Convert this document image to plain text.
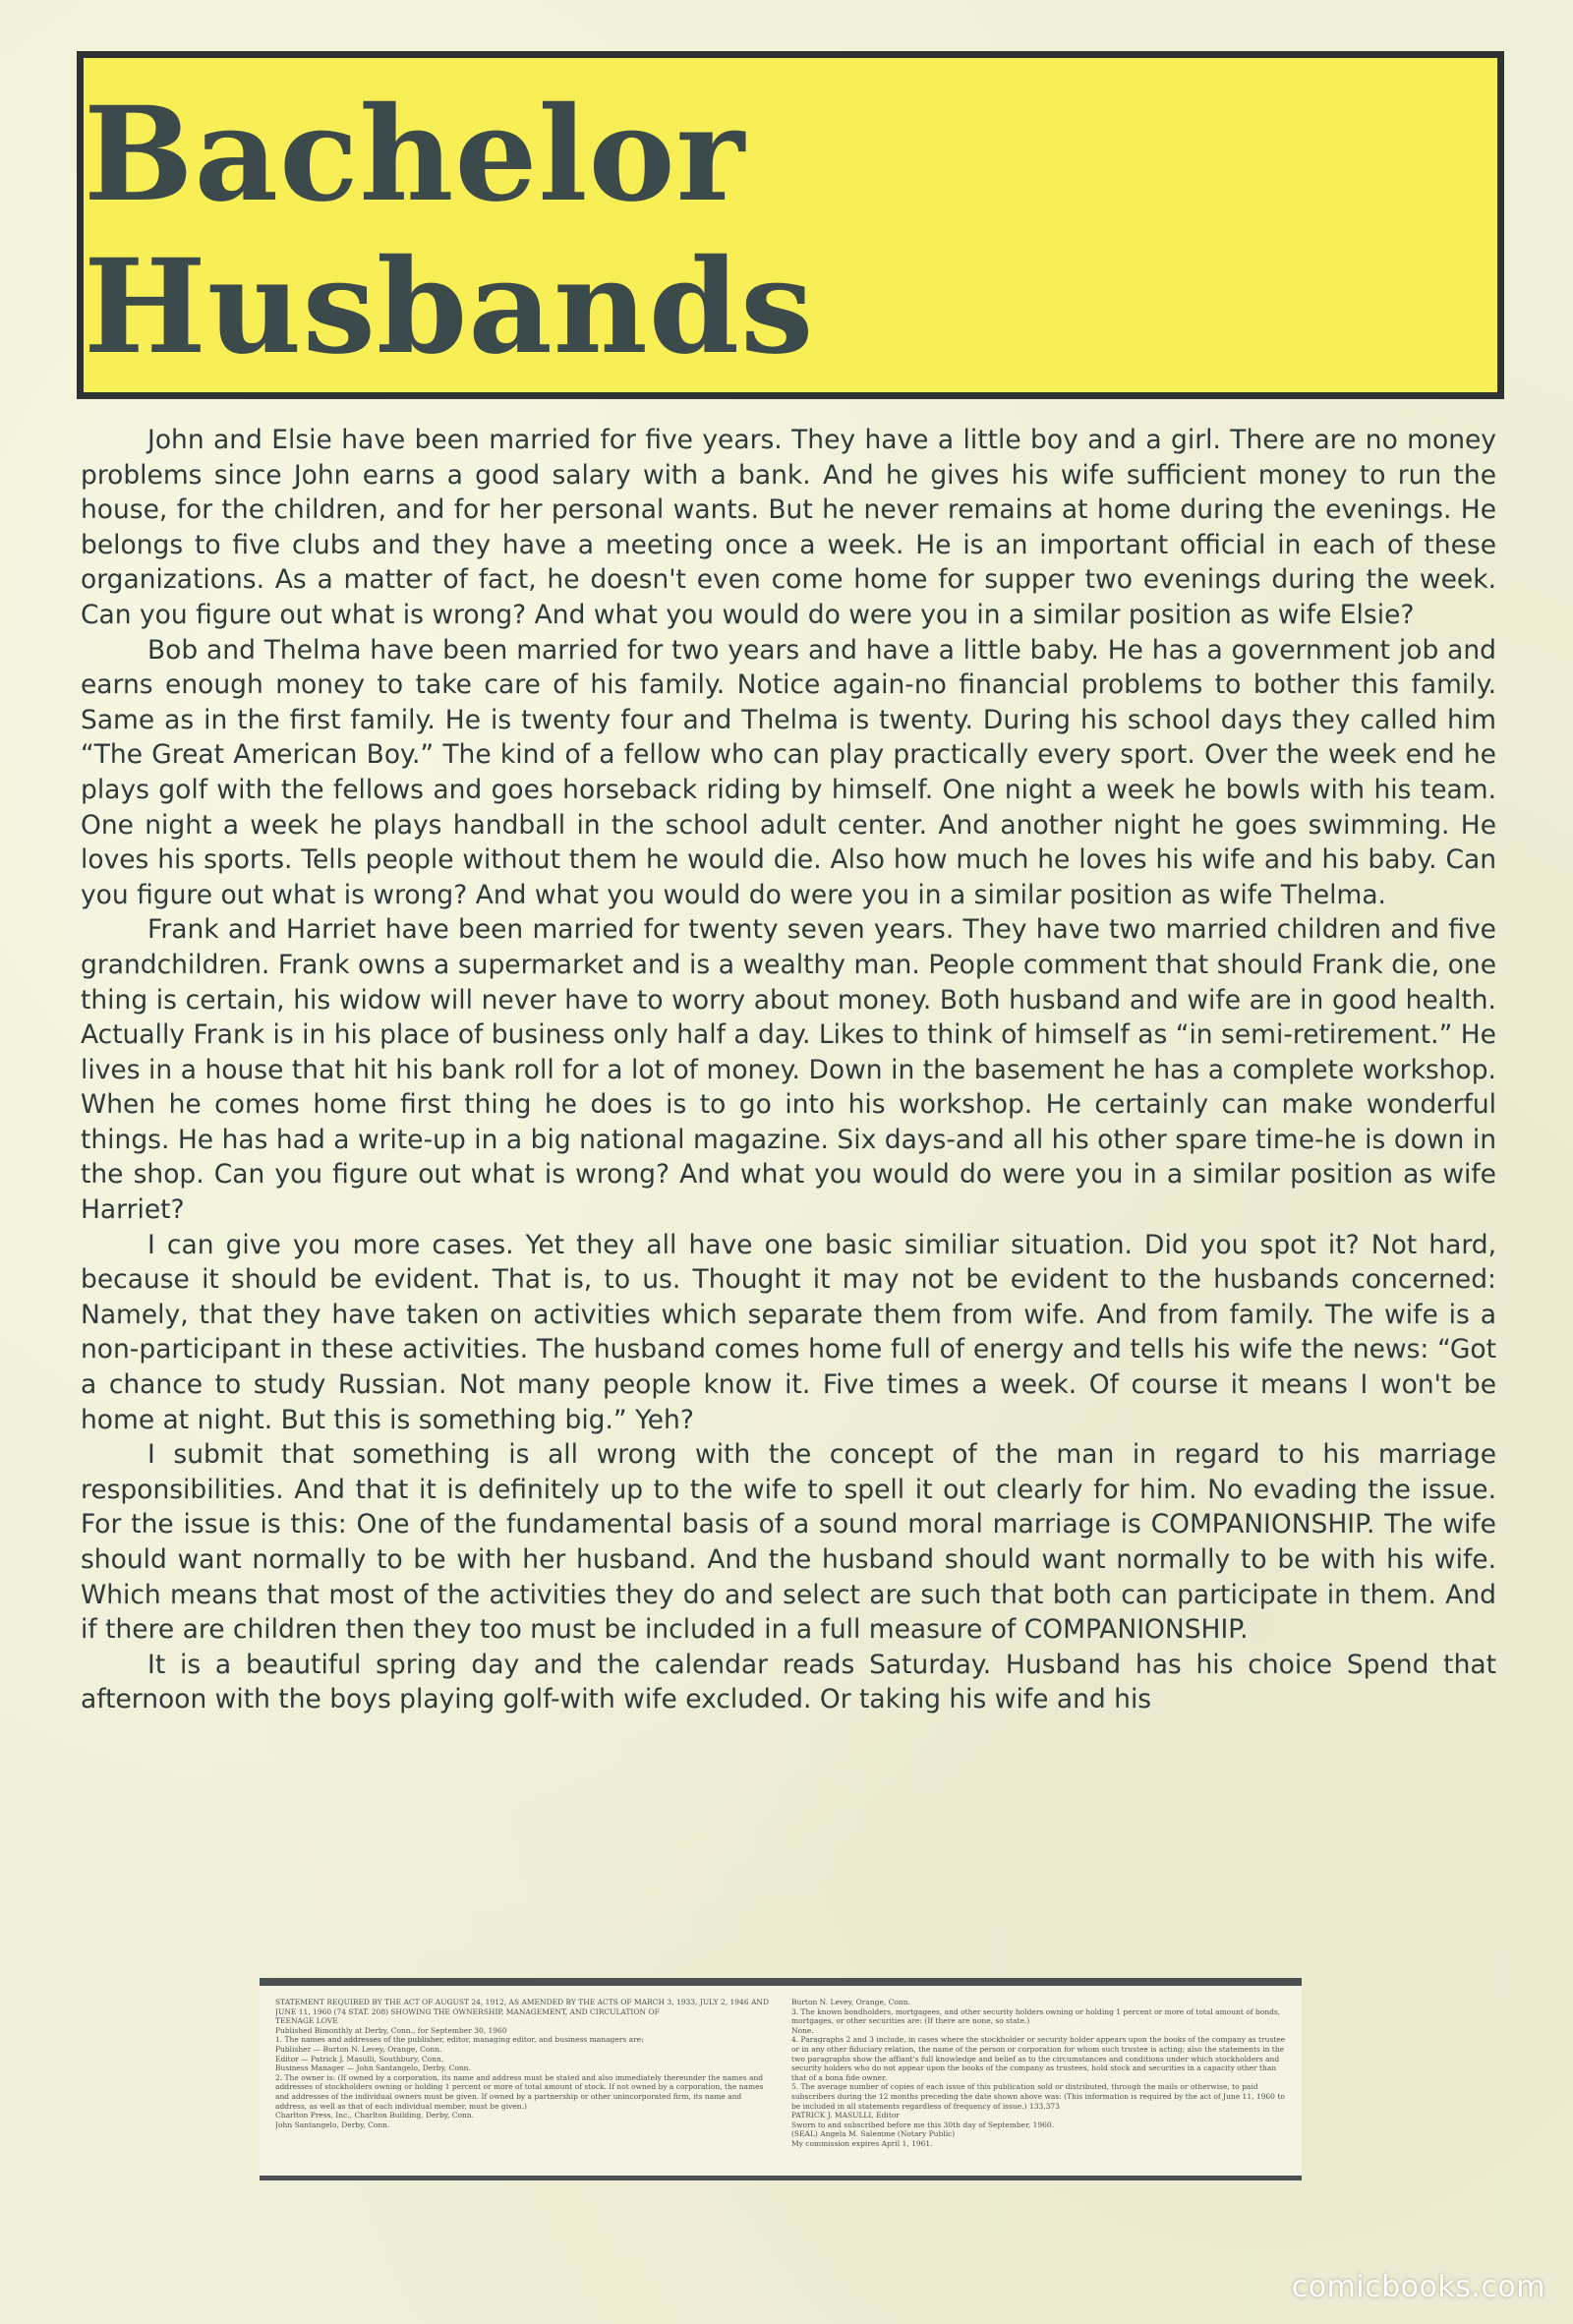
Bachelor Husbands

John and Elsie have been married for five years. They have a little boy and a girl. There are no money problems since John earns a good salary with a bank. And he gives his wife sufficient money to run the house, for the children, and for her personal wants. But he never remains at home during the evenings. He belongs to five clubs and they have a meeting once a week. He is an important official in each of these organizations. As a matter of fact, he doesn't even come home for supper two evenings during the week. Can you figure out what is wrong? And what you would do were you in a similar position as wife Elsie?

Bob and Thelma have been married for two years and have a little baby. He has a government job and earns enough money to take care of his family. Notice again-no financial problems to bother this family. Same as in the first family. He is twenty four and Thelma is twenty. During his school days they called him “The Great American Boy.” The kind of a fellow who can play practically every sport. Over the week end he plays golf with the fellows and goes horseback riding by himself. One night a week he bowls with his team. One night a week he plays handball in the school adult center. And another night he goes swimming. He loves his sports. Tells people without them he would die. Also how much he loves his wife and his baby. Can you figure out what is wrong? And what you would do were you in a similar position as wife Thelma.

Frank and Harriet have been married for twenty seven years. They have two married children and five grandchildren. Frank owns a supermarket and is a wealthy man. People comment that should Frank die, one thing is certain, his widow will never have to worry about money. Both husband and wife are in good health. Actually Frank is in his place of business only half a day. Likes to think of himself as “in semi-retirement.” He lives in a house that hit his bank roll for a lot of money. Down in the basement he has a complete workshop. When he comes home first thing he does is to go into his workshop. He certainly can make wonderful things. He has had a write-up in a big national magazine. Six days-and all his other spare time-he is down in the shop. Can you figure out what is wrong? And what you would do were you in a similar position as wife Harriet?

I can give you more cases. Yet they all have one basic similiar situation. Did you spot it? Not hard, because it should be evident. That is, to us. Thought it may not be evident to the husbands concerned: Namely, that they have taken on activities which separate them from wife. And from family. The wife is a non-participant in these activities. The husband comes home full of energy and tells his wife the news: “Got a chance to study Russian. Not many people know it. Five times a week. Of course it means I won't be home at night. But this is something big.” Yeh?

I submit that something is all wrong with the concept of the man in regard to his marriage responsibilities. And that it is definitely up to the wife to spell it out clearly for him. No evading the issue. For the issue is this: One of the fundamental basis of a sound moral marriage is COMPANIONSHIP. The wife should want normally to be with her husband. And the husband should want normally to be with his wife. Which means that most of the activities they do and select are such that both can participate in them. And if there are children then they too must be included in a full measure of COMPANIONSHIP.

It is a beautiful spring day and the calendar reads Saturday. Husband has his choice Spend that afternoon with the boys playing golf-with wife excluded. Or taking his wife and his

STATEMENT REQUIRED BY THE ACT OF AUGUST 24, 1912, AS AMENDED BY THE ACTS OF MARCH 3, 1933, JULY 2, 1946 AND JUNE 11, 1960 (74 STAT. 208) SHOWING THE OWNERSHIP, MANAGEMENT, AND CIRCULATION OF
TEENAGE LOVE
Published Bimonthly at Derby, Conn., for September 30, 1960
1. The names and addresses of the publisher, editor, managing editor, and business managers are:
Publisher — Burton N. Levey, Orange, Conn.
Editor — Patrick J. Masulli, Southbury, Conn.
Business Manager — John Santangelo, Derby, Conn.
2. The owner is: (If owned by a corporation, its name and address must be stated and also immediately thereunder the names and addresses of stockholders owning or holding 1 percent or more of total amount of stock. If not owned by a corporation, the names and addresses of the individual owners must be given. If owned by a partnership or other unincorporated firm, its name and address, as well as that of each individual member, must be given.)
Charlton Press, Inc., Charlton Building, Derby, Conn.
John Santangelo, Derby, Conn.
Burton N. Levey, Orange, Conn.
3. The known bondholders, mortgagees, and other security holders owning or holding 1 percent or more of total amount of bonds, mortgages, or other securities are: (If there are none, so state.)
None.
4. Paragraphs 2 and 3 include, in cases where the stockholder or security holder appears upon the books of the company as trustee or in any other fiduciary relation, the name of the person or corporation for whom such trustee is acting; also the statements in the two paragraphs show the affiant's full knowledge and belief as to the circumstances and conditions under which stockholders and security holders who do not appear upon the books of the company as trustees, hold stock and securities in a capacity other than that of a bona fide owner.
5. The average number of copies of each issue of this publication sold or distributed, through the mails or otherwise, to paid subscribers during the 12 months preceding the date shown above was: (This information is required by the act of June 11, 1960 to be included in all statements regardless of frequency of issue.) 133,373
PATRICK J. MASULLI, Editor
Sworn to and subscribed before me this 30th day of September, 1960.
(SEAL) Angela M. Salemme (Notary Public)
My commission expires April 1, 1961.
comicbooks.com
